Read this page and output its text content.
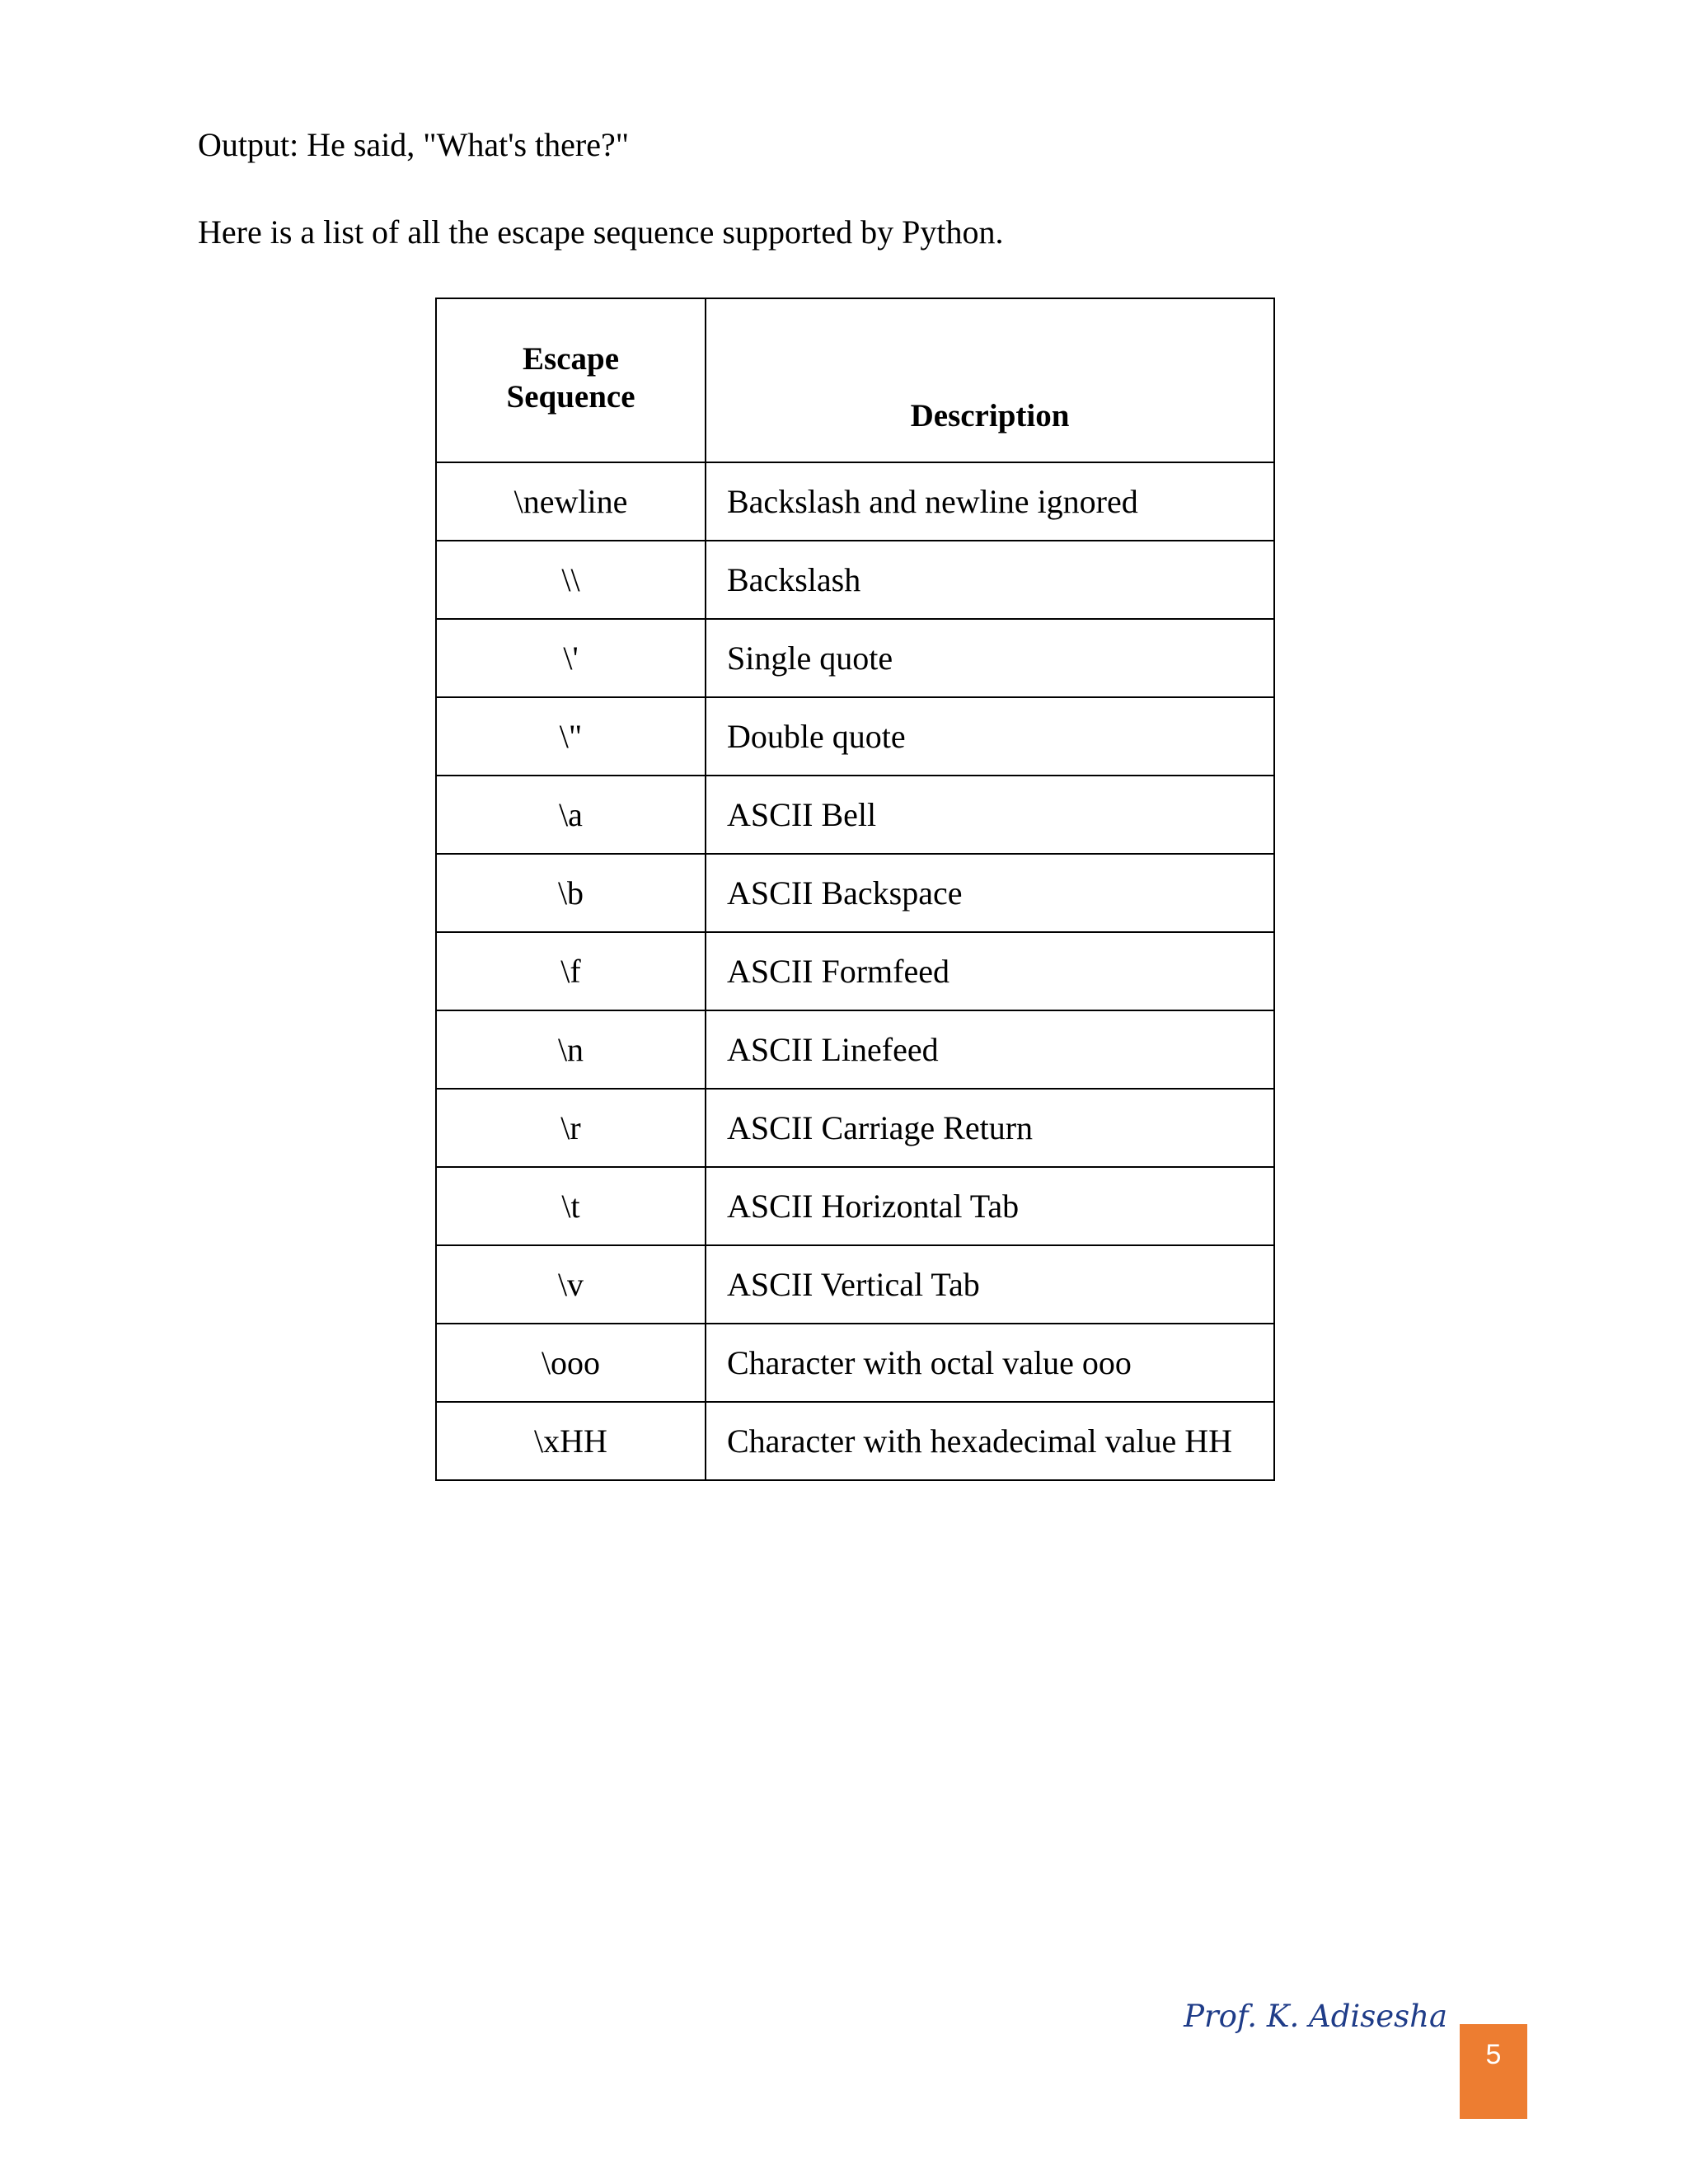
Output: He said, "What's there?"

Here is a list of all the escape sequence supported by Python.

Escape
Sequence	Description
\newline	Backslash and newline ignored
\\	Backslash
\'	Single quote
\"	Double quote
\a	ASCII Bell
\b	ASCII Backspace
\f	ASCII Formfeed
\n	ASCII Linefeed
\r	ASCII Carriage Return
\t	ASCII Horizontal Tab
\v	ASCII Vertical Tab
\ooo	Character with octal value ooo
\xHH	Character with hexadecimal value HH
Prof. K. Adisesha
5
